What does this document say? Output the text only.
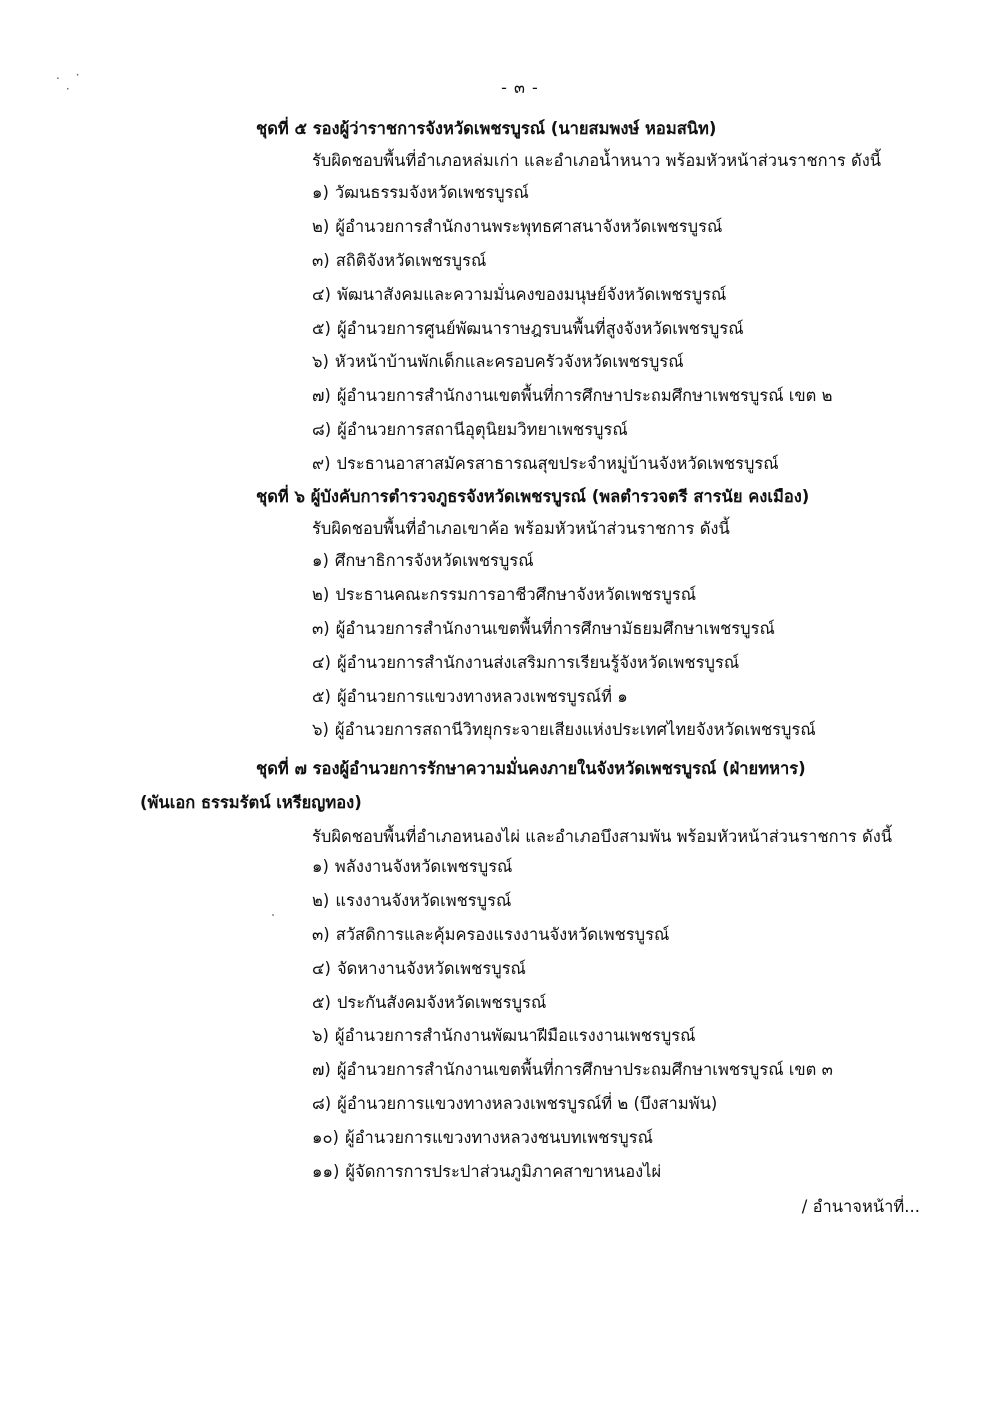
. ·
·	- ๓ -
ชุดที่ ๕ รองผู้ว่าราชการจังหวัดเพชรบูรณ์ (นายสมพงษ์ หอมสนิท)
รับผิดชอบพื้นที่อำเภอหล่มเก่า และอำเภอน้ำหนาว พร้อมหัวหน้าส่วนราชการ ดังนี้
๑) วัฒนธรรมจังหวัดเพชรบูรณ์
๒) ผู้อำนวยการสำนักงานพระพุทธศาสนาจังหวัดเพชรบูรณ์
๓) สถิติจังหวัดเพชรบูรณ์
๔) พัฒนาสังคมและความมั่นคงของมนุษย์จังหวัดเพชรบูรณ์
๕) ผู้อำนวยการศูนย์พัฒนาราษฎรบนพื้นที่สูงจังหวัดเพชรบูรณ์
๖) หัวหน้าบ้านพักเด็กและครอบครัวจังหวัดเพชรบูรณ์
๗) ผู้อำนวยการสำนักงานเขตพื้นที่การศึกษาประถมศึกษาเพชรบูรณ์ เขต ๒
๘) ผู้อำนวยการสถานีอุตุนิยมวิทยาเพชรบูรณ์
๙) ประธานอาสาสมัครสาธารณสุขประจำหมู่บ้านจังหวัดเพชรบูรณ์
ชุดที่ ๖ ผู้บังคับการตำรวจภูธรจังหวัดเพชรบูรณ์ (พลตำรวจตรี สารนัย คงเมือง)
รับผิดชอบพื้นที่อำเภอเขาค้อ พร้อมหัวหน้าส่วนราชการ ดังนี้
๑) ศึกษาธิการจังหวัดเพชรบูรณ์
๒) ประธานคณะกรรมการอาชีวศึกษาจังหวัดเพชรบูรณ์
๓) ผู้อำนวยการสำนักงานเขตพื้นที่การศึกษามัธยมศึกษาเพชรบูรณ์
๔) ผู้อำนวยการสำนักงานส่งเสริมการเรียนรู้จังหวัดเพชรบูรณ์
๕) ผู้อำนวยการแขวงทางหลวงเพชรบูรณ์ที่ ๑
๖) ผู้อำนวยการสถานีวิทยุกระจายเสียงแห่งประเทศไทยจังหวัดเพชรบูรณ์
ชุดที่ ๗ รองผู้อำนวยการรักษาความมั่นคงภายในจังหวัดเพชรบูรณ์ (ฝ่ายทหาร)
(พันเอก ธรรมรัตน์ เหรียญทอง)
รับผิดชอบพื้นที่อำเภอหนองไผ่ และอำเภอบึงสามพัน พร้อมหัวหน้าส่วนราชการ ดังนี้
๑) พลังงานจังหวัดเพชรบูรณ์
๒) แรงงานจังหวัดเพชรบูรณ์
๓) สวัสดิการและคุ้มครองแรงงานจังหวัดเพชรบูรณ์
๔) จัดหางานจังหวัดเพชรบูรณ์
๕) ประกันสังคมจังหวัดเพชรบูรณ์
๖) ผู้อำนวยการสำนักงานพัฒนาฝีมือแรงงานเพชรบูรณ์
๗) ผู้อำนวยการสำนักงานเขตพื้นที่การศึกษาประถมศึกษาเพชรบูรณ์ เขต ๓
๘) ผู้อำนวยการแขวงทางหลวงเพชรบูรณ์ที่ ๒ (บึงสามพัน)
๑๐) ผู้อำนวยการแขวงทางหลวงชนบทเพชรบูรณ์
๑๑) ผู้จัดการการประปาส่วนภูมิภาคสาขาหนองไผ่
/ อำนาจหน้าที่...
